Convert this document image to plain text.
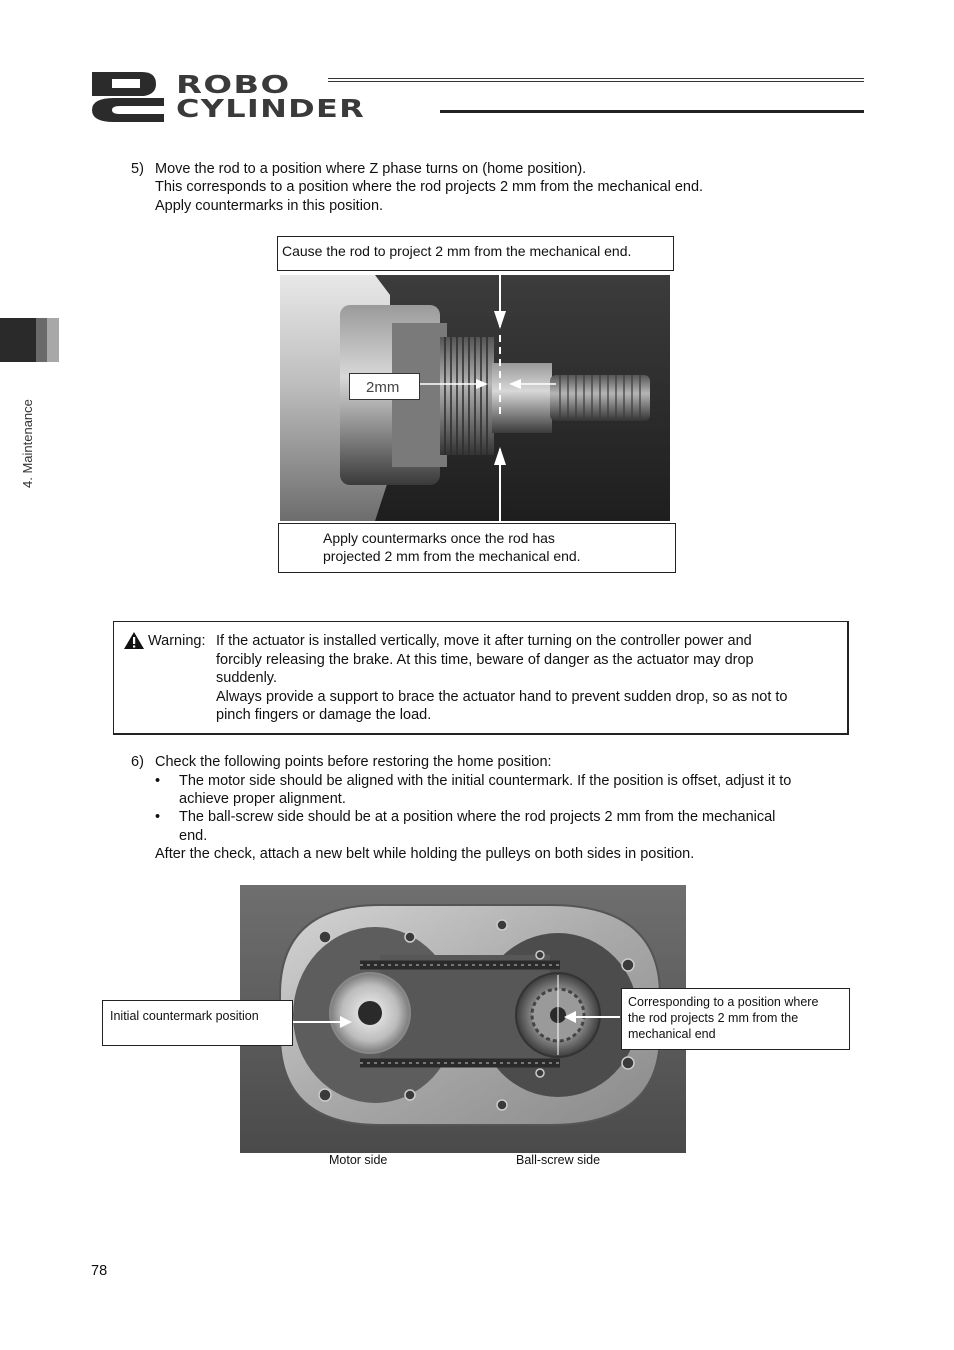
ROBO
CYLINDER
4. Maintenance
5) Move the rod to a position where Z phase turns on (home position).
This corresponds to a position where the rod projects 2 mm from the mechanical end.
Apply countermarks in this position.
Cause the rod to project 2 mm from the mechanical end.
2mm
Apply countermarks once the rod has
projected 2 mm from the mechanical end.
Warning: If the actuator is installed vertically, move it after turning on the controller power and
forcibly releasing the brake. At this time, beware of danger as the actuator may drop
suddenly.
Always provide a support to brace the actuator hand to prevent sudden drop, so as not to
pinch fingers or damage the load.
6) Check the following points before restoring the home position:
• The motor side should be aligned with the initial countermark. If the position is offset, adjust it to
achieve proper alignment.
• The ball-screw side should be at a position where the rod projects 2 mm from the mechanical
end.
After the check, attach a new belt while holding the pulleys on both sides in position.
Initial countermark position
Corresponding to a position where
the rod projects 2 mm from the
mechanical end
Motor side	Ball-screw side
78
